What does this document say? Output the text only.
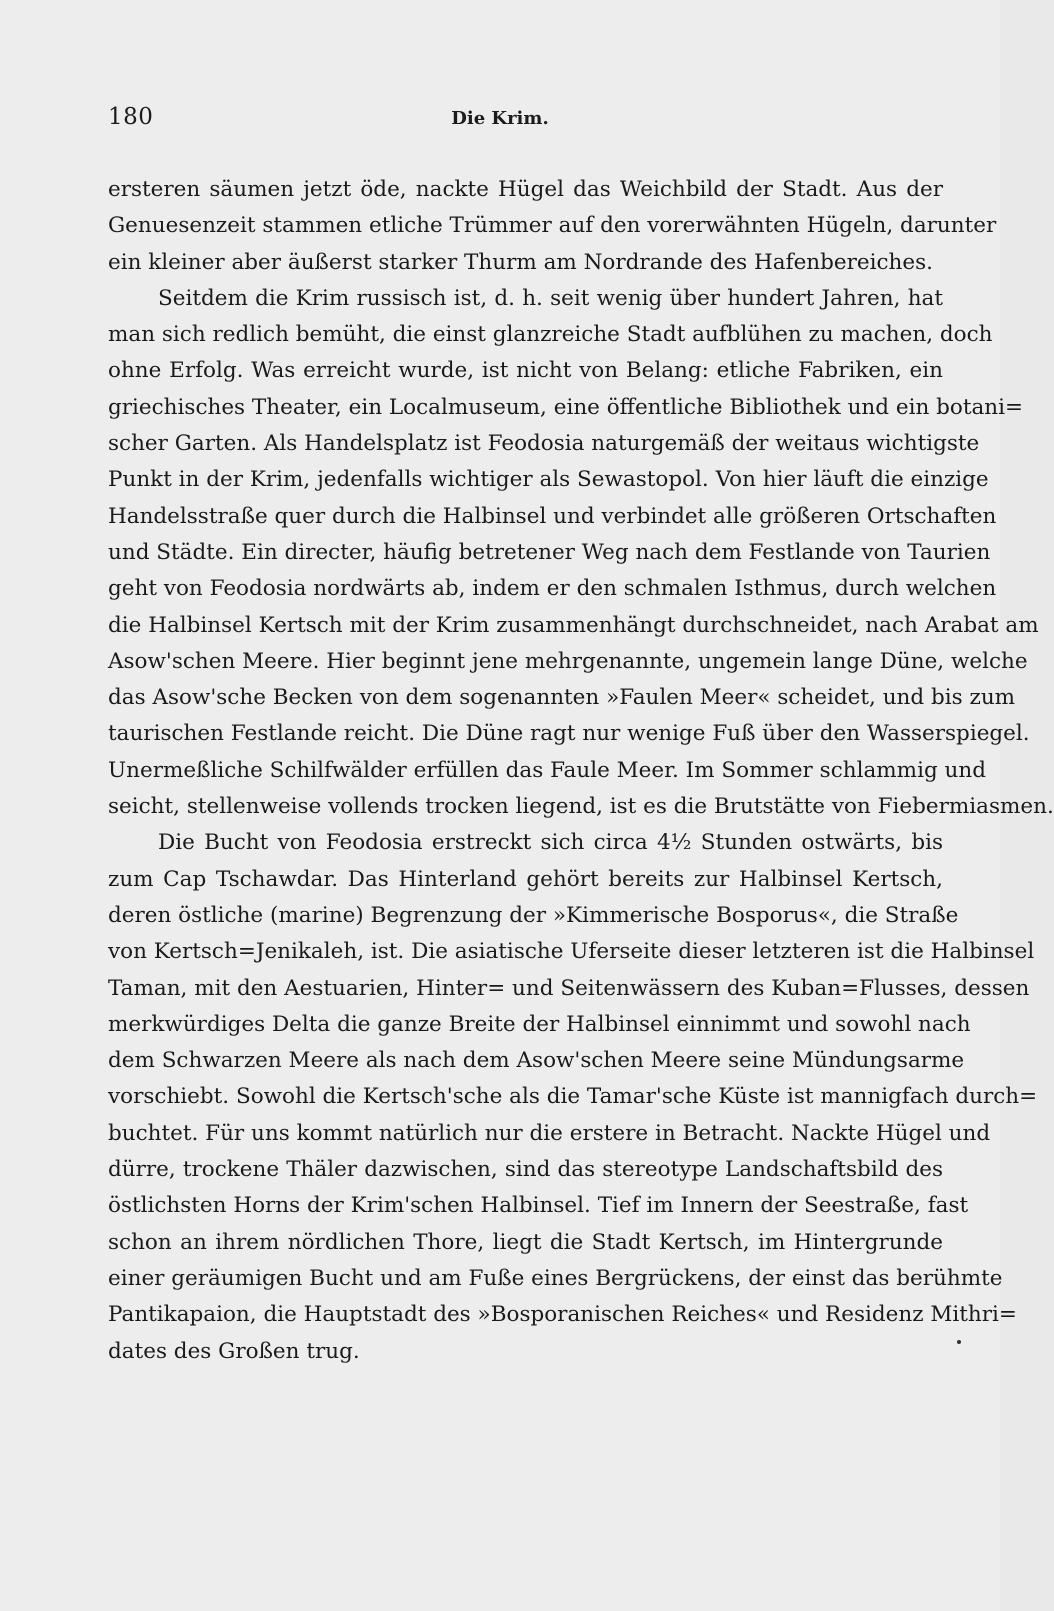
180	Die Krim.
ersteren säumen jetzt öde, nackte Hügel das Weichbild der Stadt. Aus der
Genuesenzeit stammen etliche Trümmer auf den vorerwähnten Hügeln, darunter
ein kleiner aber äußerst starker Thurm am Nordrande des Hafenbereiches.
Seitdem die Krim russisch ist, d. h. seit wenig über hundert Jahren, hat
man sich redlich bemüht, die einst glanzreiche Stadt aufblühen zu machen, doch
ohne Erfolg. Was erreicht wurde, ist nicht von Belang: etliche Fabriken, ein
griechisches Theater, ein Localmuseum, eine öffentliche Bibliothek und ein botani=
scher Garten. Als Handelsplatz ist Feodosia naturgemäß der weitaus wichtigste
Punkt in der Krim, jedenfalls wichtiger als Sewastopol. Von hier läuft die einzige
Handelsstraße quer durch die Halbinsel und verbindet alle größeren Ortschaften
und Städte. Ein directer, häufig betretener Weg nach dem Festlande von Taurien
geht von Feodosia nordwärts ab, indem er den schmalen Isthmus, durch welchen
die Halbinsel Kertsch mit der Krim zusammenhängt durchschneidet, nach Arabat am
Asow'schen Meere. Hier beginnt jene mehrgenannte, ungemein lange Düne, welche
das Asow'sche Becken von dem sogenannten »Faulen Meer« scheidet, und bis zum
taurischen Festlande reicht. Die Düne ragt nur wenige Fuß über den Wasserspiegel.
Unermeßliche Schilfwälder erfüllen das Faule Meer. Im Sommer schlammig und
seicht, stellenweise vollends trocken liegend, ist es die Brutstätte von Fiebermiasmen.
Die Bucht von Feodosia erstreckt sich circa 4½ Stunden ostwärts, bis
zum Cap Tschawdar. Das Hinterland gehört bereits zur Halbinsel Kertsch,
deren östliche (marine) Begrenzung der »Kimmerische Bosporus«, die Straße
von Kertsch=Jenikaleh, ist. Die asiatische Uferseite dieser letzteren ist die Halbinsel
Taman, mit den Aestuarien, Hinter= und Seitenwässern des Kuban=Flusses, dessen
merkwürdiges Delta die ganze Breite der Halbinsel einnimmt und sowohl nach
dem Schwarzen Meere als nach dem Asow'schen Meere seine Mündungsarme
vorschiebt. Sowohl die Kertsch'sche als die Tamar'sche Küste ist mannigfach durch=
buchtet. Für uns kommt natürlich nur die erstere in Betracht. Nackte Hügel und
dürre, trockene Thäler dazwischen, sind das stereotype Landschaftsbild des
östlichsten Horns der Krim'schen Halbinsel. Tief im Innern der Seestraße, fast
schon an ihrem nördlichen Thore, liegt die Stadt Kertsch, im Hintergrunde
einer geräumigen Bucht und am Fuße eines Bergrückens, der einst das berühmte
Pantikapaion, die Hauptstadt des »Bosporanischen Reiches« und Residenz Mithri=
dates des Großen trug.
